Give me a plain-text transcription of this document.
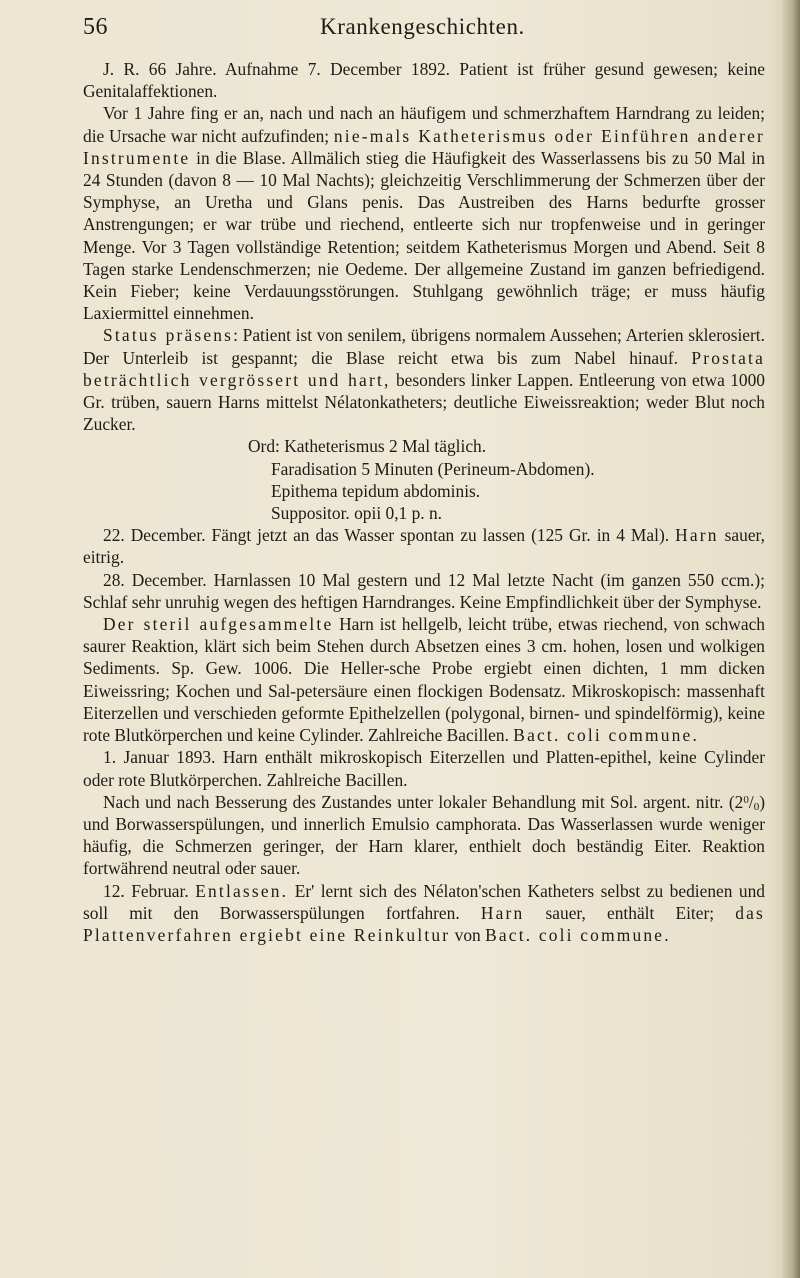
56	Krankengeschichten.

J. R. 66 Jahre. Aufnahme 7. December 1892. Patient ist früher gesund gewesen; keine Genitalaffektionen.

Vor 1 Jahre fing er an, nach und nach an häufigem und schmerzhaftem Harndrang zu leiden; die Ursache war nicht aufzufinden; nie-mals Katheterismus oder Einführen anderer Instrumente in die Blase. Allmälich stieg die Häufigkeit des Wasserlassens bis zu 50 Mal in 24 Stunden (davon 8 — 10 Mal Nachts); gleichzeitig Verschlimmerung der Schmerzen über der Symphyse, an Uretha und Glans penis. Das Austreiben des Harns bedurfte grosser Anstrengungen; er war trübe und riechend, entleerte sich nur tropfenweise und in geringer Menge. Vor 3 Tagen vollständige Retention; seitdem Katheterismus Morgen und Abend. Seit 8 Tagen starke Lendenschmerzen; nie Oedeme. Der allgemeine Zustand im ganzen befriedigend. Kein Fieber; keine Verdauungsstörungen. Stuhlgang gewöhnlich träge; er muss häufig Laxiermittel einnehmen.

Status präsens: Patient ist von senilem, übrigens normalem Aussehen; Arterien sklerosiert. Der Unterleib ist gespannt; die Blase reicht etwa bis zum Nabel hinauf. Prostata beträchtlich vergrössert und hart, besonders linker Lappen. Entleerung von etwa 1000 Gr. trüben, sauern Harns mittelst Nélatonkatheters; deutliche Eiweissreaktion; weder Blut noch Zucker.

Ord: Katheterismus 2 Mal täglich.

Faradisation 5 Minuten (Perineum-Abdomen).

Epithema tepidum abdominis.

Suppositor. opii 0,1 p. n.

22. December. Fängt jetzt an das Wasser spontan zu lassen (125 Gr. in 4 Mal). Harn sauer, eitrig.

28. December. Harnlassen 10 Mal gestern und 12 Mal letzte Nacht (im ganzen 550 ccm.); Schlaf sehr unruhig wegen des heftigen Harndranges. Keine Empfindlichkeit über der Symphyse.

Der steril aufgesammelte Harn ist hellgelb, leicht trübe, etwas riechend, von schwach saurer Reaktion, klärt sich beim Stehen durch Absetzen eines 3 cm. hohen, losen und wolkigen Sediments. Sp. Gew. 1006. Die Heller-sche Probe ergiebt einen dichten, 1 mm dicken Eiweissring; Kochen und Sal-petersäure einen flockigen Bodensatz. Mikroskopisch: massenhaft Eiterzellen und verschieden geformte Epithelzellen (polygonal, birnen- und spindelförmig), keine rote Blutkörperchen und keine Cylinder. Zahlreiche Bacillen. Bact. coli commune.

1. Januar 1893. Harn enthält mikroskopisch Eiterzellen und Platten-epithel, keine Cylinder oder rote Blutkörperchen. Zahlreiche Bacillen.

Nach und nach Besserung des Zustandes unter lokaler Behandlung mit Sol. argent. nitr. $(2^0/_0)$ und Borwasserspülungen, und innerlich Emulsio camphorata. Das Wasserlassen wurde weniger häufig, die Schmerzen geringer, der Harn klarer, enthielt doch beständig Eiter. Reaktion fortwährend neutral oder sauer.

12. Februar. Entlassen. Er' lernt sich des Nélaton'schen Katheters selbst zu bedienen und soll mit den Borwasserspülungen fortfahren. Harn sauer, enthält Eiter; das Plattenverfahren ergiebt eine Reinkultur von Bact. coli commune.
